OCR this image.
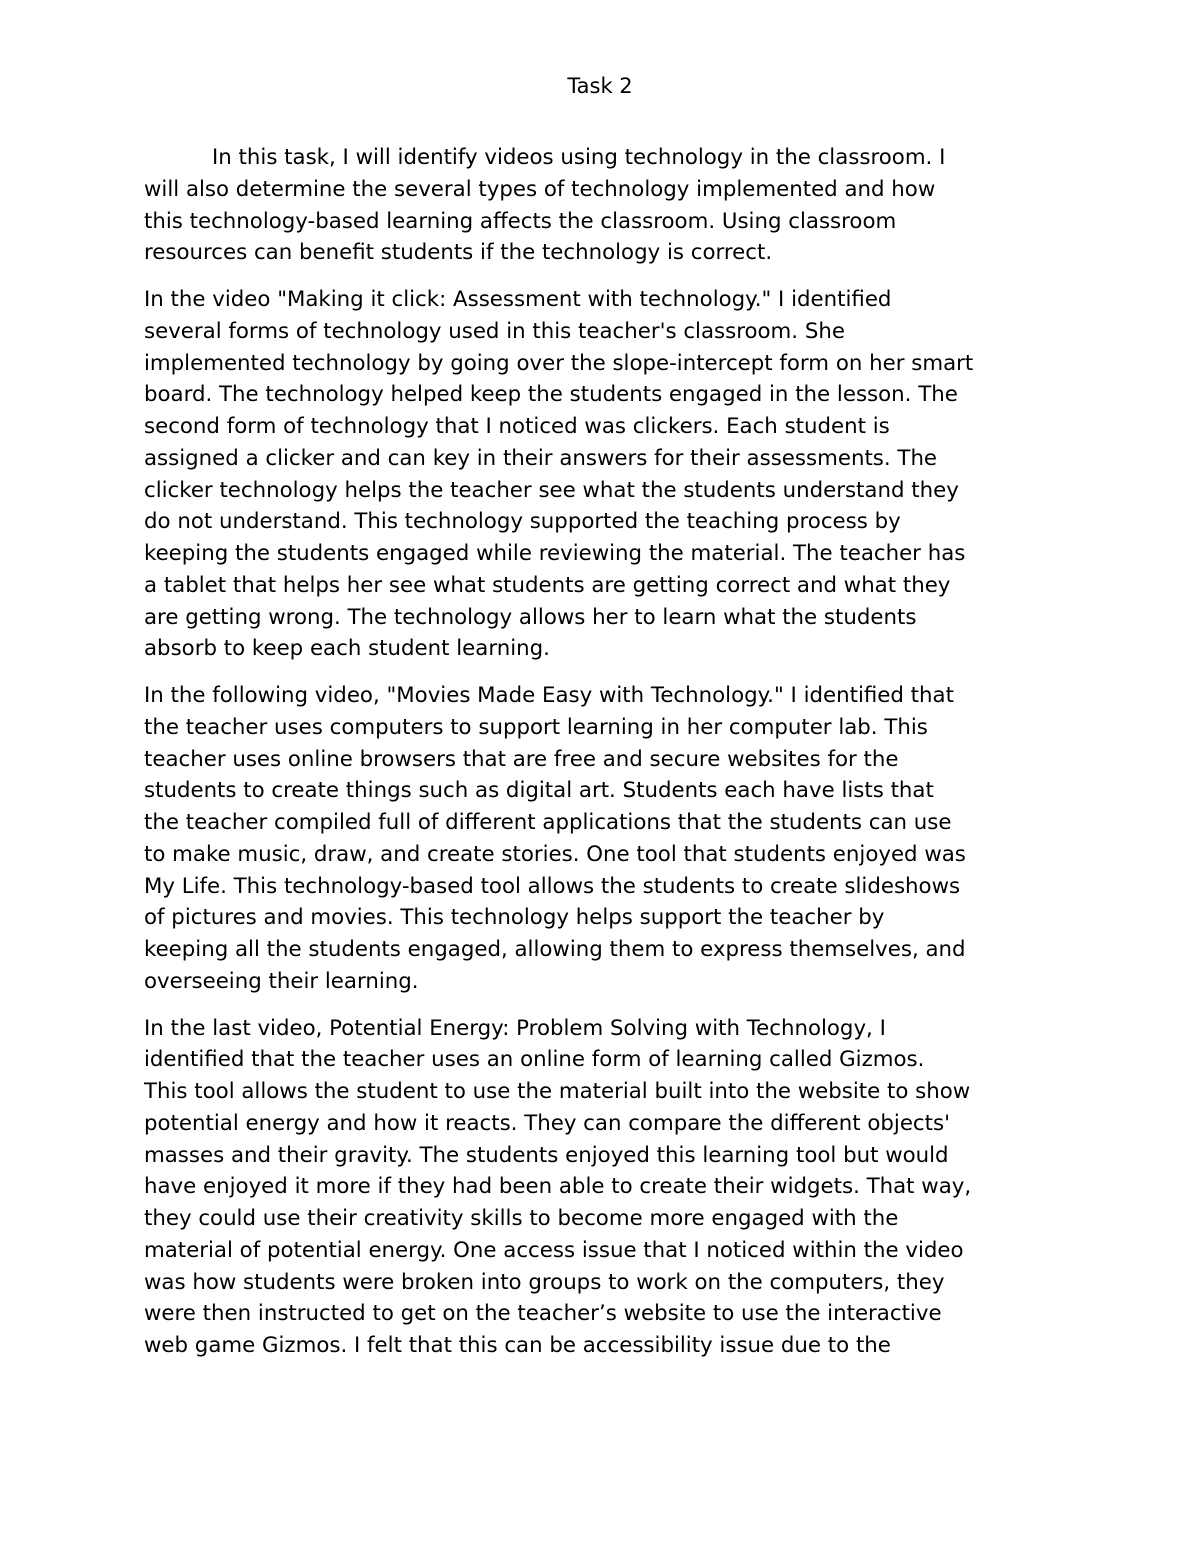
Task 2

In this task, I will identify videos using technology in the classroom. I
will also determine the several types of technology implemented and how
this technology-based learning affects the classroom. Using classroom
resources can benefit students if the technology is correct.

In the video "Making it click: Assessment with technology." I identified
several forms of technology used in this teacher's classroom. She
implemented technology by going over the slope-intercept form on her smart
board. The technology helped keep the students engaged in the lesson. The
second form of technology that I noticed was clickers. Each student is
assigned a clicker and can key in their answers for their assessments. The
clicker technology helps the teacher see what the students understand they
do not understand. This technology supported the teaching process by
keeping the students engaged while reviewing the material. The teacher has
a tablet that helps her see what students are getting correct and what they
are getting wrong. The technology allows her to learn what the students
absorb to keep each student learning.

In the following video, "Movies Made Easy with Technology." I identified that
the teacher uses computers to support learning in her computer lab. This
teacher uses online browsers that are free and secure websites for the
students to create things such as digital art. Students each have lists that
the teacher compiled full of different applications that the students can use
to make music, draw, and create stories. One tool that students enjoyed was
My Life. This technology-based tool allows the students to create slideshows
of pictures and movies. This technology helps support the teacher by
keeping all the students engaged, allowing them to express themselves, and
overseeing their learning.

In the last video, Potential Energy: Problem Solving with Technology, I
identified that the teacher uses an online form of learning called Gizmos.
This tool allows the student to use the material built into the website to show
potential energy and how it reacts. They can compare the different objects'
masses and their gravity. The students enjoyed this learning tool but would
have enjoyed it more if they had been able to create their widgets. That way,
they could use their creativity skills to become more engaged with the
material of potential energy. One access issue that I noticed within the video
was how students were broken into groups to work on the computers, they
were then instructed to get on the teacher’s website to use the interactive
web game Gizmos. I felt that this can be accessibility issue due to the
